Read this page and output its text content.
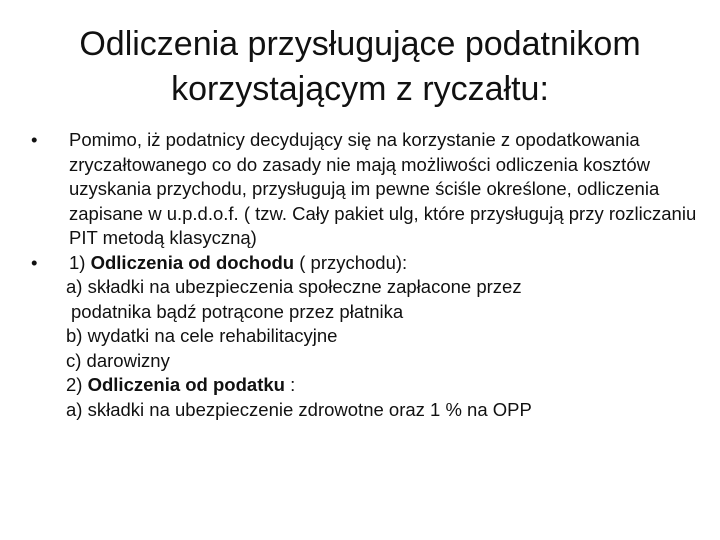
Odliczenia przysługujące podatnikom
korzystającym z ryczałtu:
• Pomimo, iż podatnicy decydujący się na korzystanie z opodatkowania zryczałtowanego co do zasady nie mają możliwości odliczenia kosztów uzyskania przychodu, przysługują im pewne ściśle określone, odliczenia zapisane w u.p.d.o.f. ( tzw. Cały pakiet ulg, które przysługują przy rozliczaniu PIT metodą klasyczną)
• 1) Odliczenia od dochodu ( przychodu):
a) składki na ubezpieczenia społeczne zapłacone przez
podatnika bądź potrącone przez płatnika
b) wydatki na cele rehabilitacyjne
c) darowizny
2) Odliczenia od podatku :
a) składki na ubezpieczenie zdrowotne oraz 1 % na OPP
